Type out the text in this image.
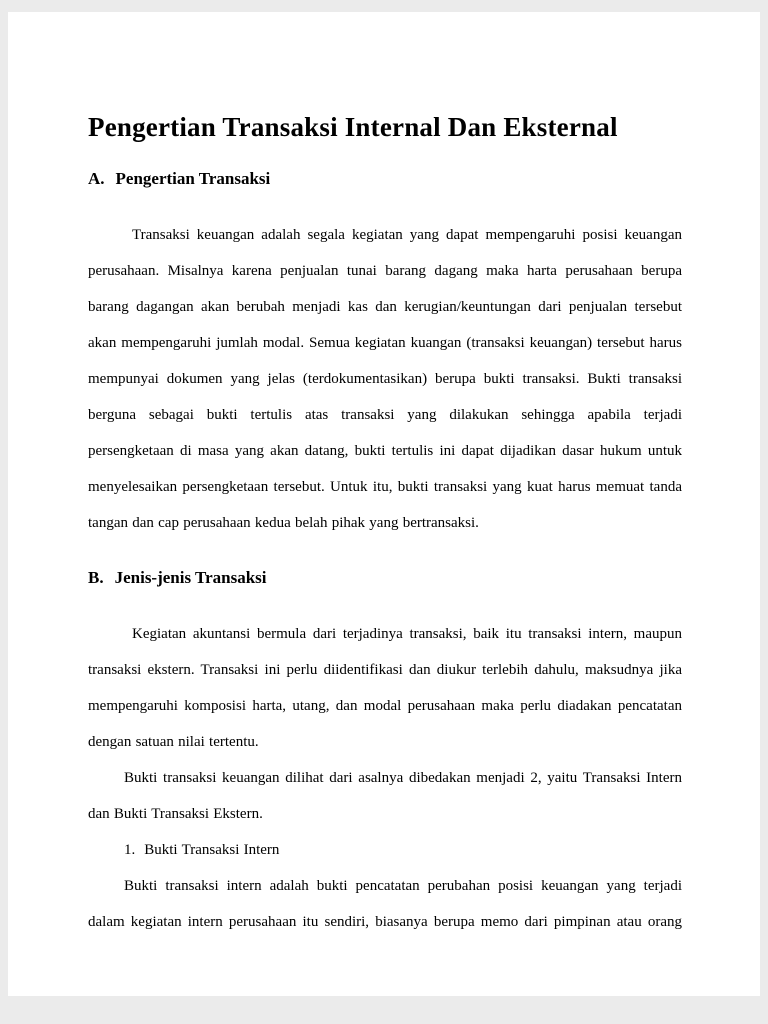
Pengertian Transaksi Internal Dan Eksternal
A. Pengertian Transaksi

Transaksi keuangan adalah segala kegiatan yang dapat mempengaruhi posisi keuangan perusahaan. Misalnya karena penjualan tunai barang dagang maka harta perusahaan berupa barang dagangan akan berubah menjadi kas dan kerugian/keuntungan dari penjualan tersebut akan mempengaruhi jumlah modal. Semua kegiatan kuangan (transaksi keuangan) tersebut harus mempunyai dokumen yang jelas (terdokumentasikan) berupa bukti transaksi. Bukti transaksi berguna sebagai bukti tertulis atas transaksi yang dilakukan sehingga apabila terjadi persengketaan di masa yang akan datang, bukti tertulis ini dapat dijadikan dasar hukum untuk menyelesaikan persengketaan tersebut. Untuk itu, bukti transaksi yang kuat harus memuat tanda tangan dan cap perusahaan kedua belah pihak yang bertransaksi.

B. Jenis-jenis Transaksi

Kegiatan akuntansi bermula dari terjadinya transaksi, baik itu transaksi intern, maupun transaksi ekstern. Transaksi ini perlu diidentifikasi dan diukur terlebih dahulu, maksudnya jika mempengaruhi komposisi harta, utang, dan modal perusahaan maka perlu diadakan pencatatan dengan satuan nilai tertentu.

Bukti transaksi keuangan dilihat dari asalnya dibedakan menjadi 2, yaitu Transaksi Intern dan Bukti Transaksi Ekstern.

1. Bukti Transaksi Intern

Bukti transaksi intern adalah bukti pencatatan perubahan posisi keuangan yang terjadi dalam kegiatan intern perusahaan itu sendiri, biasanya berupa memo dari pimpinan atau orang
